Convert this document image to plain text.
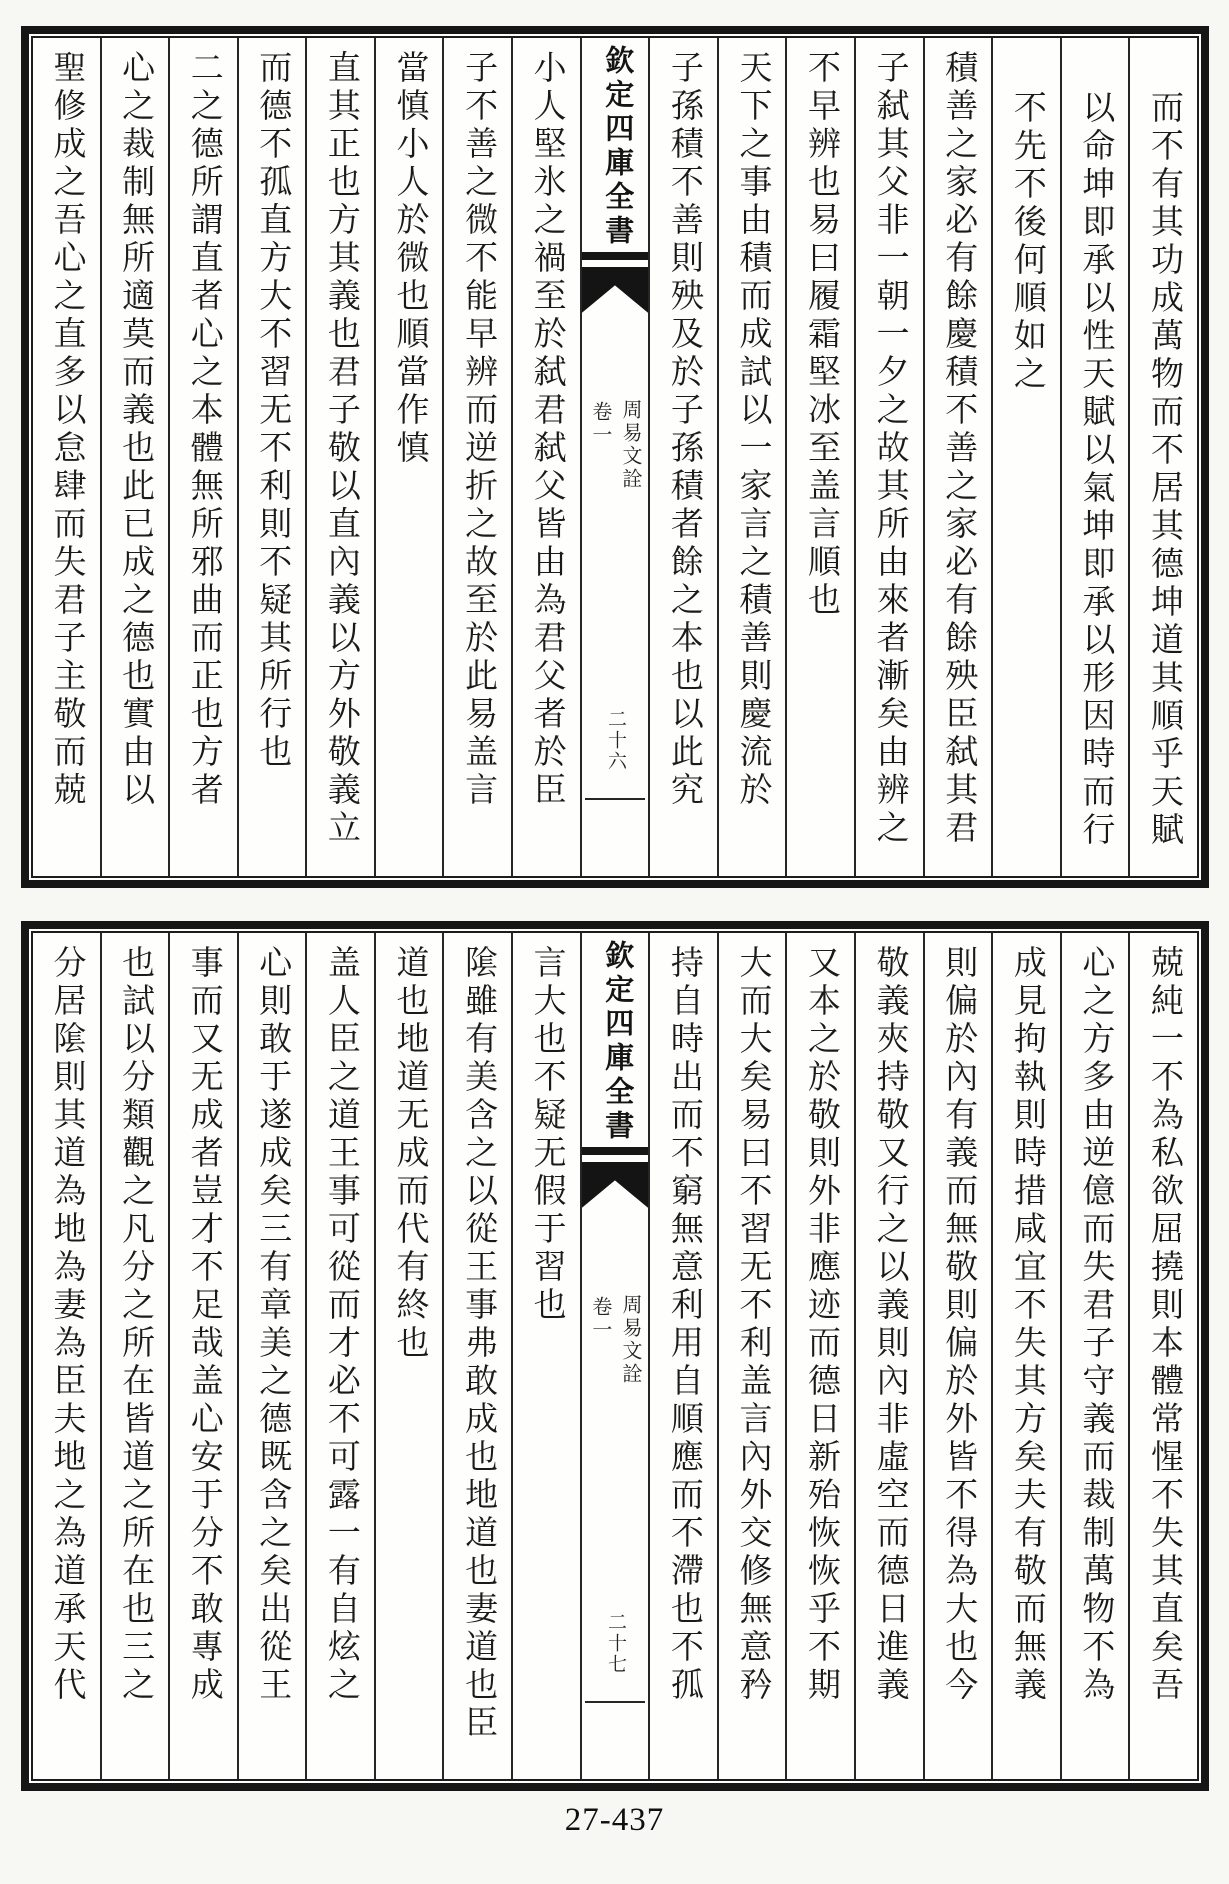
而不有其功成萬物而不居其德坤道其順乎天賦
以命坤即承以性天賦以氣坤即承以形因時而行
不先不後何順如之
積善之家必有餘慶積不善之家必有餘殃臣弑其君
子弑其父非一朝一夕之故其所由來者漸矣由辨之
不早辨也易曰履霜堅冰至盖言順也
天下之事由積而成試以一家言之積善則慶流於
子孫積不善則殃及於子孫積者餘之本也以此究
欽定四庫全書
卷一 周易文詮
二十六
小人堅氷之禍至於弑君弑父皆由為君父者於臣
子不善之微不能早辨而逆折之故至於此易盖言
當慎小人於微也順當作慎
直其正也方其義也君子敬以直內義以方外敬義立
而德不孤直方大不習无不利則不疑其所行也
二之德所謂直者心之本體無所邪曲而正也方者
心之裁制無所適莫而義也此已成之德也實由以
聖修成之吾心之直多以怠肆而失君子主敬而兢
兢純一不為私欲屈撓則本體常惺不失其直矣吾
心之方多由逆億而失君子守義而裁制萬物不為
成見拘執則時措咸宜不失其方矣夫有敬而無義
則偏於內有義而無敬則偏於外皆不得為大也今
敬義夾持敬又行之以義則內非虛空而德日進義
又本之於敬則外非應迹而德日新殆恢恢乎不期
大而大矣易曰不習无不利盖言內外交修無意矜
持自時出而不窮無意利用自順應而不滯也不孤
欽定四庫全書
卷一 周易文詮
二十七
言大也不疑无假于習也
隂雖有美含之以從王事弗敢成也地道也妻道也臣
道也地道无成而代有終也
盖人臣之道王事可從而才必不可露一有自炫之
心則敢于遂成矣三有章美之德既含之矣出從王
事而又无成者豈才不足哉盖心安于分不敢專成
也試以分類觀之凡分之所在皆道之所在也三之
分居隂則其道為地為妻為臣夫地之為道承天代
27-437
